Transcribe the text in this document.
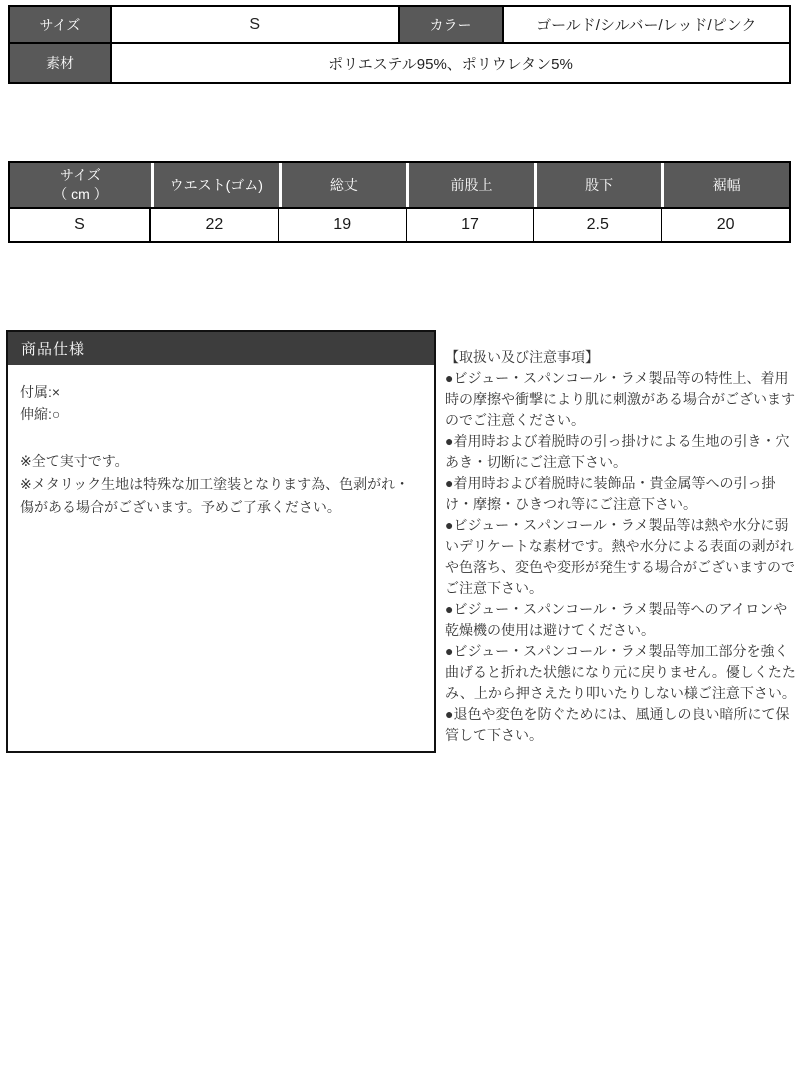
サイズ	S	カラー	ゴールド/シルバー/レッド/ピンク
素材	ポリエステル95%、ポリウレタン5%
サイズ
（ cm ）
ウエスト(ゴム)	総丈	前股上	股下	裾幅
S	22	19	17	2.5	20
商品仕様

付属:×

伸縮:○

※全て実寸です。

※メタリック生地は特殊な加工塗装となります為、色剥がれ・傷がある場合がございます。予めご了承ください。

【取扱い及び注意事項】

●ビジュー・スパンコール・ラメ製品等の特性上、着用時の摩擦や衝撃により肌に刺激がある場合がございますのでご注意ください。

●着用時および着脱時の引っ掛けによる生地の引き・穴あき・切断にご注意下さい。

●着用時および着脱時に装飾品・貴金属等への引っ掛け・摩擦・ひきつれ等にご注意下さい。

●ビジュー・スパンコール・ラメ製品等は熱や水分に弱いデリケートな素材です。熱や水分による表面の剥がれや色落ち、変色や変形が発生する場合がございますのでご注意下さい。

●ビジュー・スパンコール・ラメ製品等へのアイロンや乾燥機の使用は避けてください。

●ビジュー・スパンコール・ラメ製品等加工部分を強く曲げると折れた状態になり元に戻りません。優しくたたみ、上から押さえたり叩いたりしない様ご注意下さい。

●退色や変色を防ぐためには、風通しの良い暗所にて保管して下さい。
